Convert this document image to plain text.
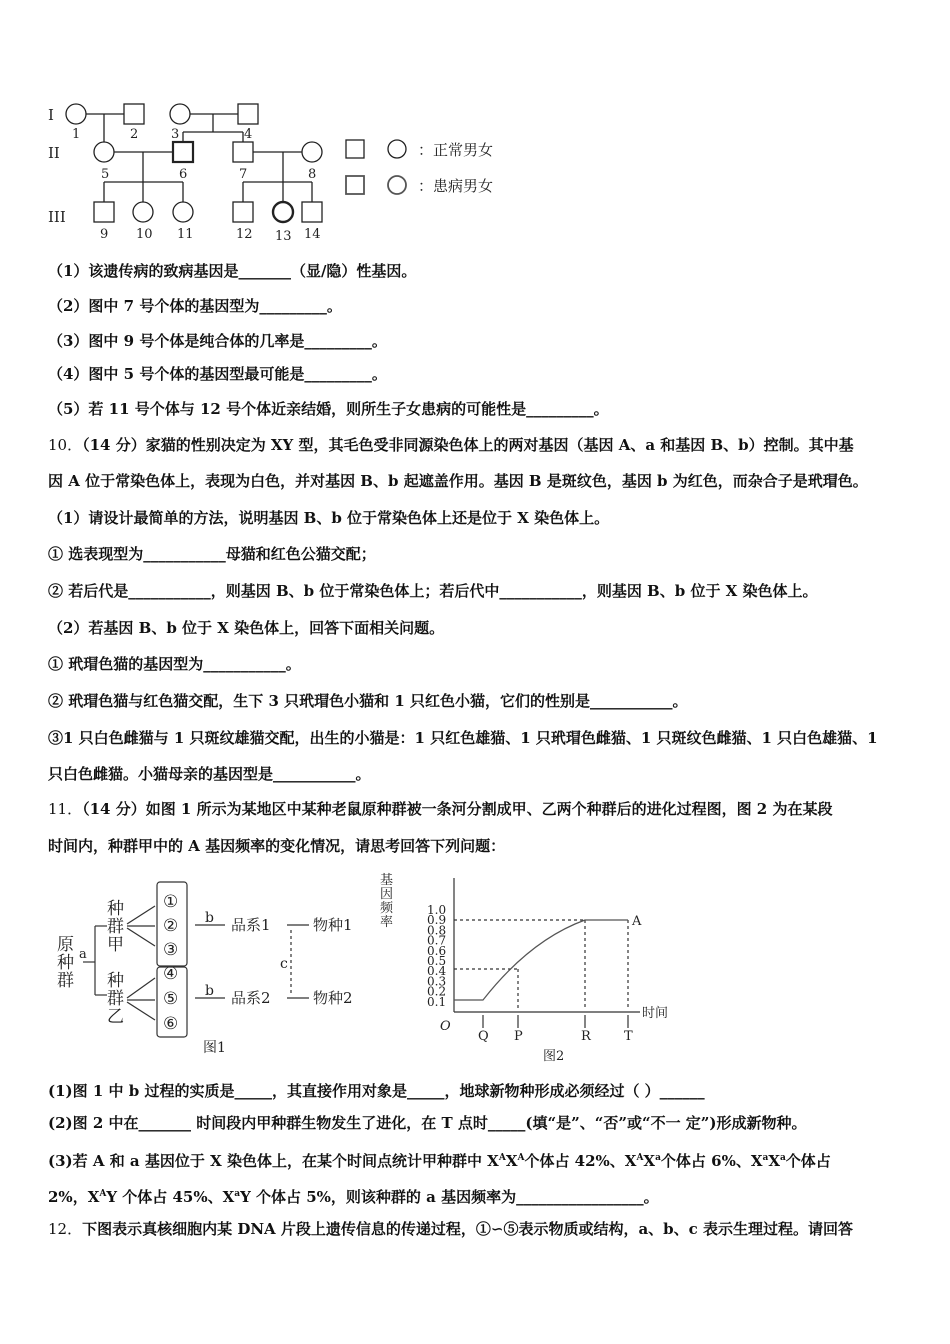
I
II
III
1	2	3	4
5	6	7	8
9 10 11	12 13 14
：正常男女
：患病男女
（1）该遗传病的致病基因是_______（显/隐）性基因。
（2）图中 7 号个体的基因型为_________。
（3）图中 9 号个体是纯合体的几率是_________。
（4）图中 5 号个体的基因型最可能是_________。
（5）若 11 号个体与 12 号个体近亲结婚，则所生子女患病的可能性是_________。
10．（14 分）家猫的性别决定为 XY 型，其毛色受非同源染色体上的两对基因（基因 A、a 和基因 B、b）控制。其中基
因 A 位于常染色体上，表现为白色，并对基因 B、b 起遮盖作用。基因 B 是斑纹色，基因 b 为红色，而杂合子是玳瑁色。
（1）请设计最简单的方法，说明基因 B、b 位于常染色体上还是位于 X 染色体上。
① 选表现型为___________母猫和红色公猫交配；
② 若后代是___________，则基因 B、b 位于常染色体上；若后代中___________，则基因 B、b 位于 X 染色体上。
（2）若基因 B、b 位于 X 染色体上，回答下面相关问题。
① 玳瑁色猫的基因型为___________。
② 玳瑁色猫与红色猫交配，生下 3 只玳瑁色小猫和 1 只红色小猫，它们的性别是___________。
③1 只白色雌猫与 1 只斑纹雄猫交配，出生的小猫是：1 只红色雄猫、1 只玳瑁色雌猫、1 只斑纹色雌猫、1 只白色雄猫、1
只白色雌猫。小猫母亲的基因型是___________。
11．（14 分）如图 1 所示为某地区中某种老鼠原种群被一条河分割成甲、乙两个种群后的进化过程图，图 2 为在某段
时间内，种群甲中的 A 基因频率的变化情况，请思考回答下列问题：
原
种
群
a
种
群
甲
种
群
乙
①
②
③
④
⑤
⑥
b
b
品系1
品系2
物种1
物种2
c
图1
基
因
频
率
1.0
0.9
0.8
0.7
0.6
0.5
0.4
0.3
0.2
0.1
A
时间
O
Q P	R	T
图2
(1)图 1 中 b 过程的实质是_____，其直接作用对象是_____，地球新物种形成必须经过（ ）______
(2)图 2 中在_______ 时间段内甲种群生物发生了进化，在 T 点时_____(填“是”、“否”或“不一 定”)形成新物种。
(3)若 A 和 a 基因位于 X 染色体上，在某个时间点统计甲种群中 $X^AX^A$个体占 42%、$X^AX^a$个体占 6%、$X^aX^a$个体占
2%，$X^AY$ 个体占 45%、$X^aY$ 个体占 5%，则该种群的 a 基因频率为_________________。
12．下图表示真核细胞内某 DNA 片段上遗传信息的传递过程，①∽⑤表示物质或结构，a、b、c 表示生理过程。请回答
